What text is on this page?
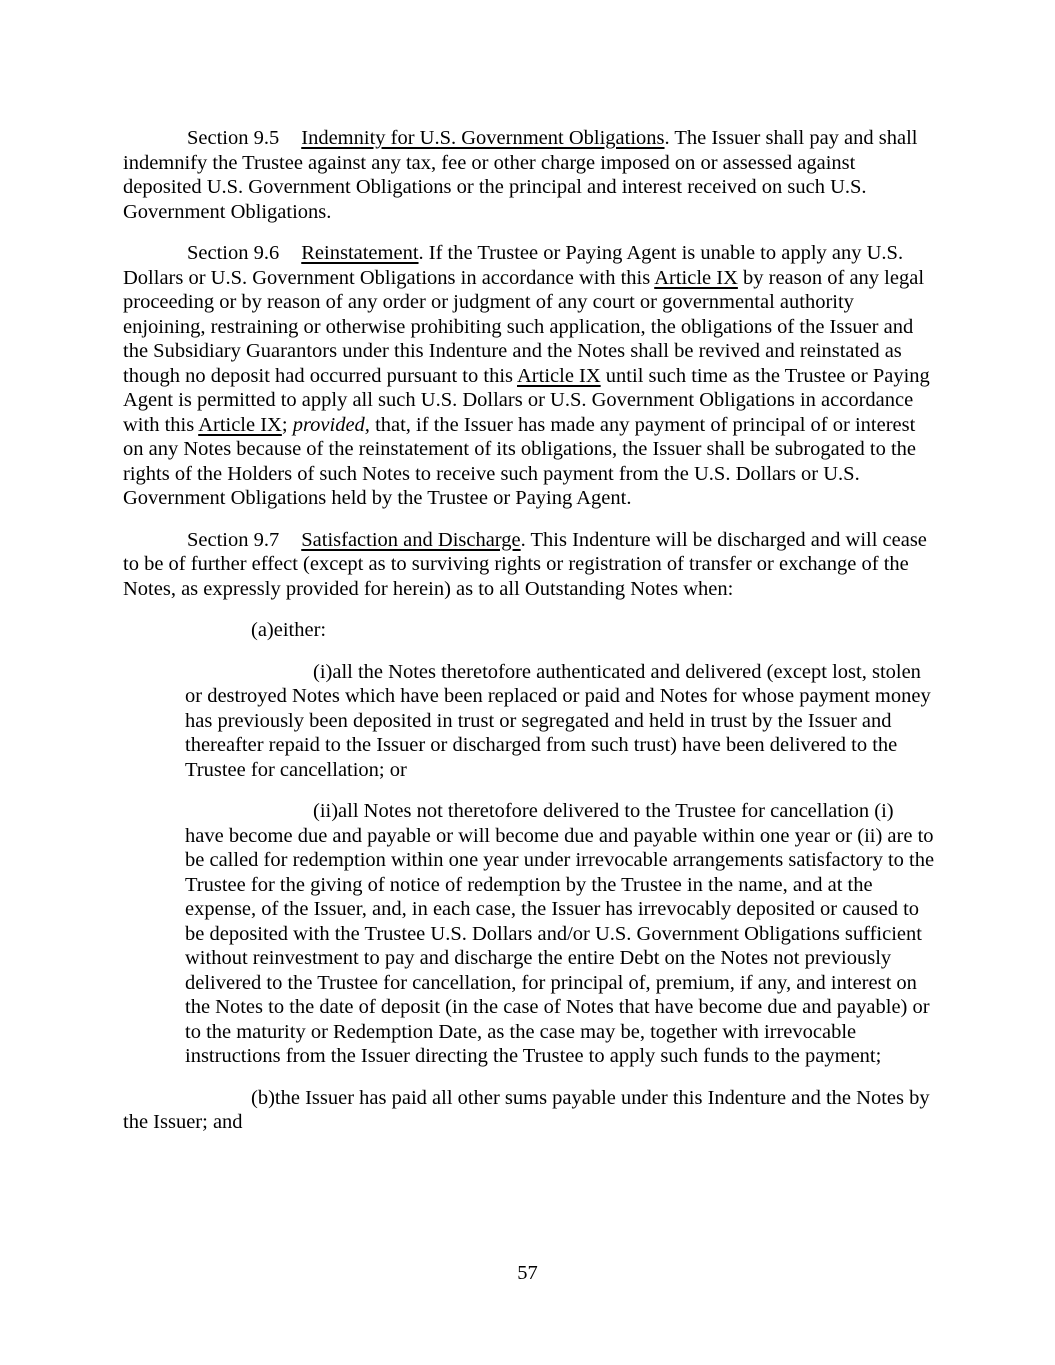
Section 9.5 Indemnity for U.S. Government Obligations. The Issuer shall pay and shall indemnify the Trustee against any tax, fee or other charge imposed on or assessed against deposited U.S. Government Obligations or the principal and interest received on such U.S. Government Obligations.

Section 9.6 Reinstatement. If the Trustee or Paying Agent is unable to apply any U.S. Dollars or U.S. Government Obligations in accordance with this Article IX by reason of any legal proceeding or by reason of any order or judgment of any court or governmental authority enjoining, restraining or otherwise prohibiting such application, the obligations of the Issuer and the Subsidiary Guarantors under this Indenture and the Notes shall be revived and reinstated as though no deposit had occurred pursuant to this Article IX until such time as the Trustee or Paying Agent is permitted to apply all such U.S. Dollars or U.S. Government Obligations in accordance with this Article IX; provided, that, if the Issuer has made any payment of principal of or interest on any Notes because of the reinstatement of its obligations, the Issuer shall be subrogated to the rights of the Holders of such Notes to receive such payment from the U.S. Dollars or U.S. Government Obligations held by the Trustee or Paying Agent.

Section 9.7 Satisfaction and Discharge. This Indenture will be discharged and will cease to be of further effect (except as to surviving rights or registration of transfer or exchange of the Notes, as expressly provided for herein) as to all Outstanding Notes when:

(a)either:

(i)all the Notes theretofore authenticated and delivered (except lost, stolen or destroyed Notes which have been replaced or paid and Notes for whose payment money has previously been deposited in trust or segregated and held in trust by the Issuer and thereafter repaid to the Issuer or discharged from such trust) have been delivered to the Trustee for cancellation; or

(ii)all Notes not theretofore delivered to the Trustee for cancellation (i) have become due and payable or will become due and payable within one year or (ii) are to be called for redemption within one year under irrevocable arrangements satisfactory to the Trustee for the giving of notice of redemption by the Trustee in the name, and at the expense, of the Issuer, and, in each case, the Issuer has irrevocably deposited or caused to be deposited with the Trustee U.S. Dollars and/or U.S. Government Obligations sufficient without reinvestment to pay and discharge the entire Debt on the Notes not previously delivered to the Trustee for cancellation, for principal of, premium, if any, and interest on the Notes to the date of deposit (in the case of Notes that have become due and payable) or to the maturity or Redemption Date, as the case may be, together with irrevocable instructions from the Issuer directing the Trustee to apply such funds to the payment;

(b)the Issuer has paid all other sums payable under this Indenture and the Notes by the Issuer; and

57
